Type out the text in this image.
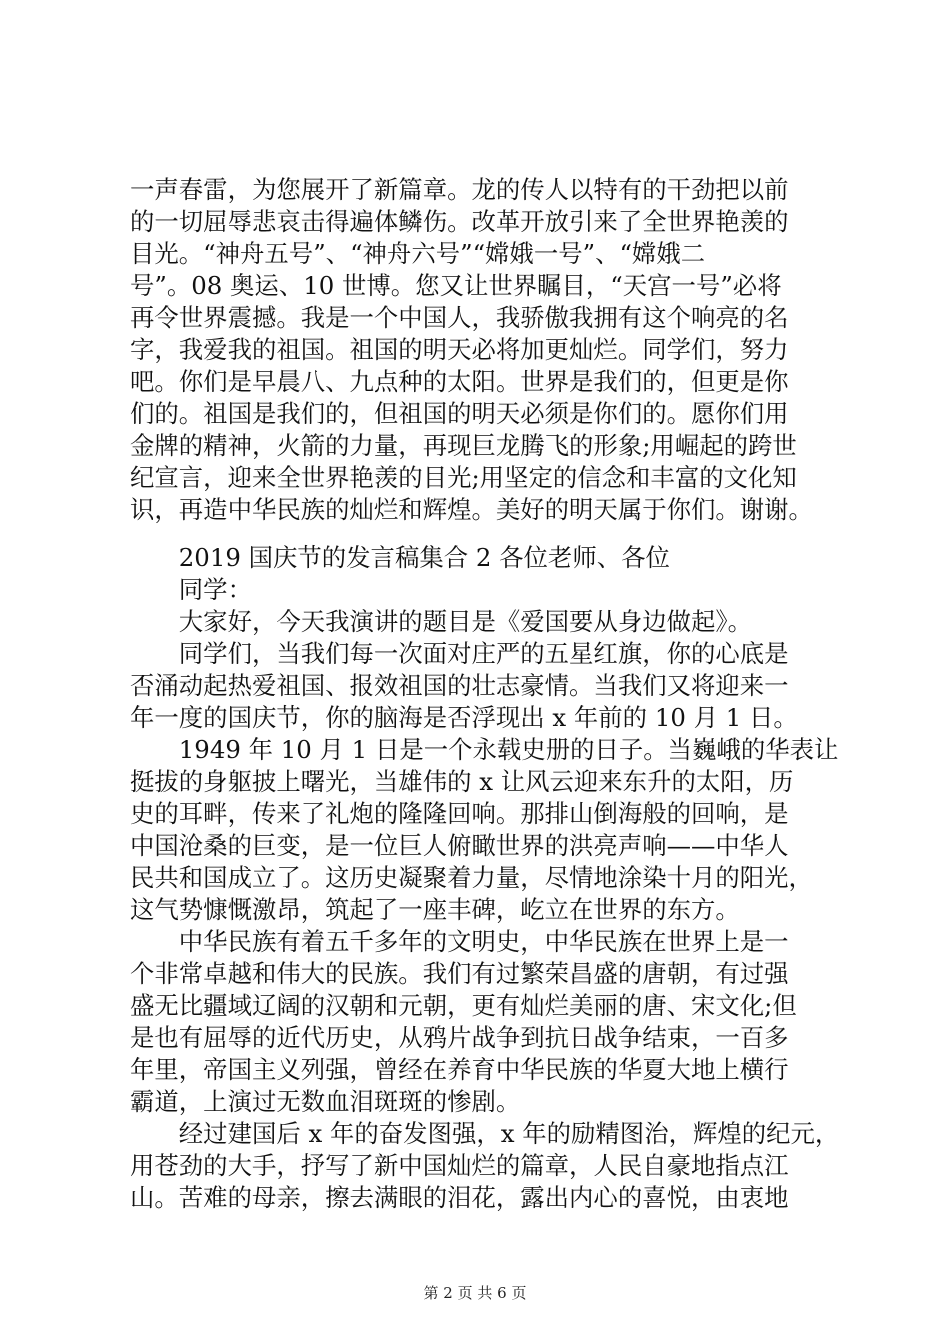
一声春雷，为您展开了新篇章。龙的传人以特有的干劲把以前
的一切屈辱悲哀击得遍体鳞伤。改革开放引来了全世界艳羡的
目光。“神舟五号”、“神舟六号”“嫦娥一号”、“嫦娥二
号”。08 奥运、10 世博。您又让世界瞩目，“天宫一号”必将
再令世界震撼。我是一个中国人，我骄傲我拥有这个响亮的名
字，我爱我的祖国。祖国的明天必将加更灿烂。同学们，努力
吧。你们是早晨八、九点种的太阳。世界是我们的，但更是你
们的。祖国是我们的，但祖国的明天必须是你们的。愿你们用
金牌的精神，火箭的力量，再现巨龙腾飞的形象;用崛起的跨世
纪宣言，迎来全世界艳羡的目光;用坚定的信念和丰富的文化知
识，再造中华民族的灿烂和辉煌。美好的明天属于你们。谢谢。
　　2019 国庆节的发言稿集合 2 各位老师、各位
　　同学：
　　大家好，今天我演讲的题目是《爱国要从身边做起》。
　　同学们，当我们每一次面对庄严的五星红旗，你的心底是
否涌动起热爱祖国、报效祖国的壮志豪情。当我们又将迎来一
年一度的国庆节，你的脑海是否浮现出 x 年前的 10 月 1 日。
　　1949 年 10 月 1 日是一个永载史册的日子。当巍峨的华表让
挺拔的身躯披上曙光，当雄伟的 x 让风云迎来东升的太阳，历
史的耳畔，传来了礼炮的隆隆回响。那排山倒海般的回响，是
中国沧桑的巨变，是一位巨人俯瞰世界的洪亮声响——中华人
民共和国成立了。这历史凝聚着力量，尽情地涂染十月的阳光，
这气势慷慨激昂，筑起了一座丰碑，屹立在世界的东方。
　　中华民族有着五千多年的文明史，中华民族在世界上是一
个非常卓越和伟大的民族。我们有过繁荣昌盛的唐朝，有过强
盛无比疆域辽阔的汉朝和元朝，更有灿烂美丽的唐、宋文化;但
是也有屈辱的近代历史，从鸦片战争到抗日战争结束，一百多
年里，帝国主义列强，曾经在养育中华民族的华夏大地上横行
霸道，上演过无数血泪斑斑的惨剧。
　　经过建国后 x 年的奋发图强，x 年的励精图治，辉煌的纪元，
用苍劲的大手，抒写了新中国灿烂的篇章，人民自豪地指点江
山。苦难的母亲，擦去满眼的泪花，露出内心的喜悦，由衷地
第 2 页 共 6 页
